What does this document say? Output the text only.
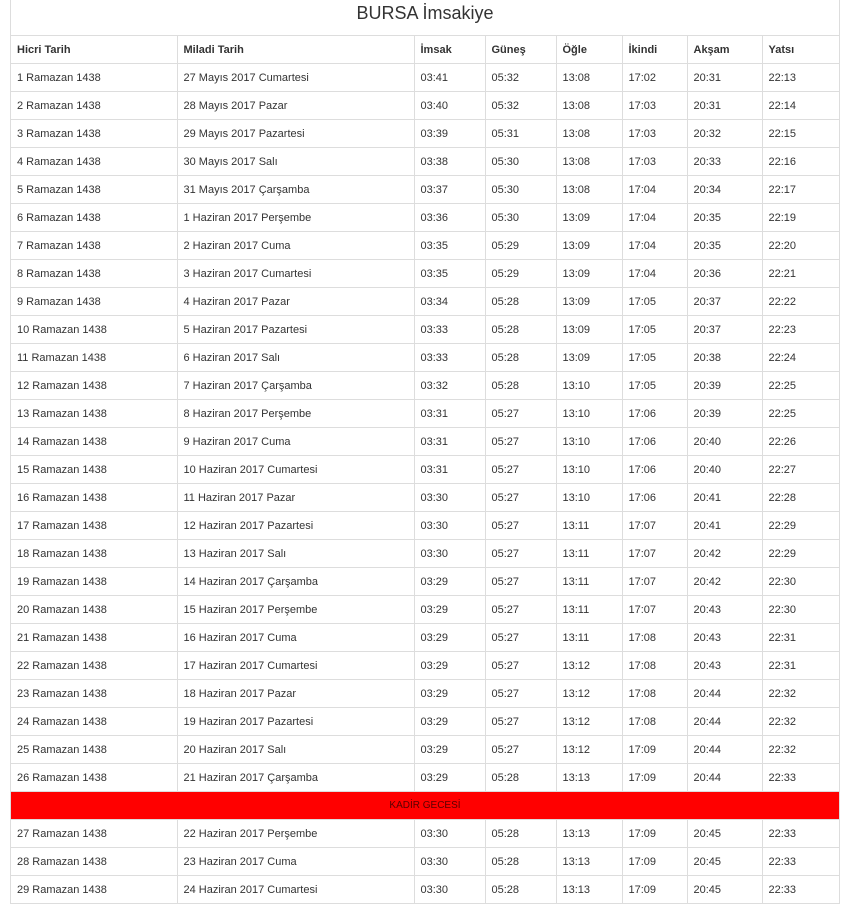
BURSA İmsakiye
Hicri Tarih	Miladi Tarih	İmsak	Güneş	Öğle	İkindi	Akşam	Yatsı
1 Ramazan 1438	27 Mayıs 2017 Cumartesi	03:41	05:32	13:08	17:02	20:31	22:13
2 Ramazan 1438	28 Mayıs 2017 Pazar	03:40	05:32	13:08	17:03	20:31	22:14
3 Ramazan 1438	29 Mayıs 2017 Pazartesi	03:39	05:31	13:08	17:03	20:32	22:15
4 Ramazan 1438	30 Mayıs 2017 Salı	03:38	05:30	13:08	17:03	20:33	22:16
5 Ramazan 1438	31 Mayıs 2017 Çarşamba	03:37	05:30	13:08	17:04	20:34	22:17
6 Ramazan 1438	1 Haziran 2017 Perşembe	03:36	05:30	13:09	17:04	20:35	22:19
7 Ramazan 1438	2 Haziran 2017 Cuma	03:35	05:29	13:09	17:04	20:35	22:20
8 Ramazan 1438	3 Haziran 2017 Cumartesi	03:35	05:29	13:09	17:04	20:36	22:21
9 Ramazan 1438	4 Haziran 2017 Pazar	03:34	05:28	13:09	17:05	20:37	22:22
10 Ramazan 1438	5 Haziran 2017 Pazartesi	03:33	05:28	13:09	17:05	20:37	22:23
11 Ramazan 1438	6 Haziran 2017 Salı	03:33	05:28	13:09	17:05	20:38	22:24
12 Ramazan 1438	7 Haziran 2017 Çarşamba	03:32	05:28	13:10	17:05	20:39	22:25
13 Ramazan 1438	8 Haziran 2017 Perşembe	03:31	05:27	13:10	17:06	20:39	22:25
14 Ramazan 1438	9 Haziran 2017 Cuma	03:31	05:27	13:10	17:06	20:40	22:26
15 Ramazan 1438	10 Haziran 2017 Cumartesi	03:31	05:27	13:10	17:06	20:40	22:27
16 Ramazan 1438	11 Haziran 2017 Pazar	03:30	05:27	13:10	17:06	20:41	22:28
17 Ramazan 1438	12 Haziran 2017 Pazartesi	03:30	05:27	13:11	17:07	20:41	22:29
18 Ramazan 1438	13 Haziran 2017 Salı	03:30	05:27	13:11	17:07	20:42	22:29
19 Ramazan 1438	14 Haziran 2017 Çarşamba	03:29	05:27	13:11	17:07	20:42	22:30
20 Ramazan 1438	15 Haziran 2017 Perşembe	03:29	05:27	13:11	17:07	20:43	22:30
21 Ramazan 1438	16 Haziran 2017 Cuma	03:29	05:27	13:11	17:08	20:43	22:31
22 Ramazan 1438	17 Haziran 2017 Cumartesi	03:29	05:27	13:12	17:08	20:43	22:31
23 Ramazan 1438	18 Haziran 2017 Pazar	03:29	05:27	13:12	17:08	20:44	22:32
24 Ramazan 1438	19 Haziran 2017 Pazartesi	03:29	05:27	13:12	17:08	20:44	22:32
25 Ramazan 1438	20 Haziran 2017 Salı	03:29	05:27	13:12	17:09	20:44	22:32
26 Ramazan 1438	21 Haziran 2017 Çarşamba	03:29	05:28	13:13	17:09	20:44	22:33
KADİR GECESİ							
27 Ramazan 1438	22 Haziran 2017 Perşembe	03:30	05:28	13:13	17:09	20:45	22:33
28 Ramazan 1438	23 Haziran 2017 Cuma	03:30	05:28	13:13	17:09	20:45	22:33
29 Ramazan 1438	24 Haziran 2017 Cumartesi	03:30	05:28	13:13	17:09	20:45	22:33
